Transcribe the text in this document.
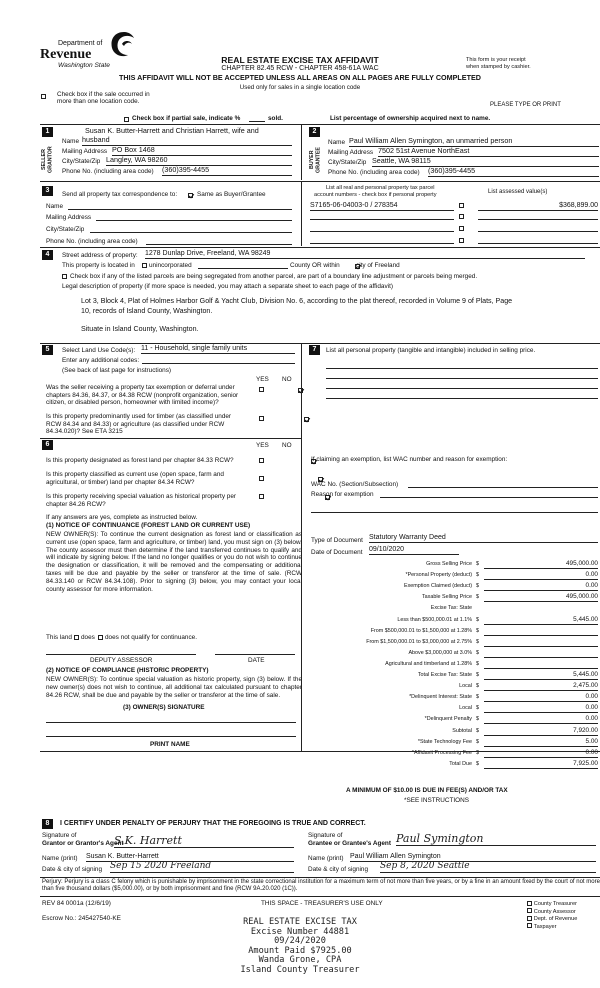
Department of
Revenue
Washington State
REAL ESTATE EXCISE TAX AFFIDAVIT
CHAPTER 82.45 RCW - CHAPTER 458-61A WAC
THIS AFFIDAVIT WILL NOT BE ACCEPTED UNLESS ALL AREAS ON ALL PAGES ARE FULLY COMPLETED
Used only for sales in a single location code
This form is your receipt
when stamped by cashier.
Check box if the sale occurred in
more than one location code.	PLEASE TYPE OR PRINT
Check box if partial sale, indicate %	sold.	List percentage of ownership acquired next to name.
1
SELLER GRANTOR
Susan K. Butter-Harrett and Christian Harrett, wife and
Name husband
Mailing Address PO Box 1468
City/State/Zip Langley, WA 98260
Phone No. (including area code) (360)395-4455
2
BUYER GRANTEE
Name Paul William Allen Symington, an unmarried person
Mailing Address 7502 51st Avenue NorthEast
City/State/Zip Seattle, WA 98115
Phone No. (including area code) (360)395-4455
3
Send all property tax correspondence to:
	Same as Buyer/Grantee
Name
Mailing Address
City/State/Zip
Phone No. (including area code)
List all real and personal property tax parcel
account numbers - check box if personal property	List assessed value(s)
S7165-06-04003-0 / 278354	$368,899.00
4	Street address of property: 1278 Dunlap Drive, Freeland, WA 98249
This property is located in unincorporated	County OR within
	city of Freeland
Check box if any of the listed parcels are being segregated from another parcel, are part of a boundary line adjustment or parcels being merged.
Legal description of property (if more space is needed, you may attach a separate sheet to each page of the affidavit)
Lot 3, Block 4, Plat of Holmes Harbor Golf & Yacht Club, Division No. 6, according to the plat thereof, recorded in Volume 9 of Plats, Page
10, records of Island County, Washington.
Situate in Island County, Washington.
5	Select Land Use Code(s): 11 - Household, single family units
Enter any additional codes:
(See back of last page for instructions)
YES NO
Was the seller receiving a property tax exemption or deferral under chapters 84.36, 84.37, or 84.38 RCW (nonprofit organization, senior citizen, or disabled person, homeowner with limited income)?

Is this property predominantly used for timber (as classified under RCW 84.34 and 84.33) or agriculture (as classified under RCW 84.34.020)? See ETA 3215

6	YES NO
Is this property designated as forest land per chapter 84.33 RCW?

Is this property classified as current use (open space, farm and agricultural, or timber) land per chapter 84.34 RCW?

Is this property receiving special valuation as historical property per chapter 84.26 RCW?
If any answers are yes, complete as instructed below.
(1) NOTICE OF CONTINUANCE (FOREST LAND OR CURRENT USE)
NEW OWNER(S): To continue the current designation as forest land or classification as current use (open space, farm and agriculture, or timber) land, you must sign on (3) below. The county assessor must then determine if the land transferred continues to qualify and will indicate by signing below. If the land no longer qualifies or you do not wish to continue the designation or classification, it will be removed and the compensating or additional taxes will be due and payable by the seller or transferor at the time of sale. (RCW 84.33.140 or RCW 84.34.108). Prior to signing (3) below, you may contact your local county assessor for more information.
This land does does not qualify for continuance.
DEPUTY ASSESSOR	DATE
(2) NOTICE OF COMPLIANCE (HISTORIC PROPERTY)
NEW OWNER(S): To continue special valuation as historic property, sign (3) below. If the new owner(s) does not wish to continue, all additional tax calculated pursuant to chapter 84.26 RCW, shall be due and payable by the seller or transferor at the time of sale.
(3) OWNER(S) SIGNATURE
PRINT NAME
7	List all personal property (tangible and intangible) included in selling price.
If claiming an exemption, list WAC number and reason for exemption:
WAC No. (Section/Subsection)
Reason for exemption
Type of Document Statutory Warranty Deed
Date of Document 09/10/2020
Gross Selling Price $	495,000.00
*Personal Property (deduct) $	0.00
Exemption Claimed (deduct) $	0.00
Taxable Selling Price $	495,000.00
Excise Tax: State
Less than $500,000.01 at 1.1% $	5,445.00
From $500,000.01 to $1,500,000 at 1.28% $
From $1,500,000.01 to $3,000,000 at 2.75% $
Above $3,000,000 at 3.0% $
Agricultural and timberland at 1.28% $
Total Excise Tax: State $	5,445.00
Local $	2,475.00
*Delinquent Interest: State $	0.00
Local $	0.00
*Delinquent Penalty $	0.00
Subtotal $	7,920.00
*State Technology Fee $	5.00
*Affidavit Processing Fee $	0.00
Total Due $	7,925.00
A MINIMUM OF $10.00 IS DUE IN FEE(S) AND/OR TAX
*SEE INSTRUCTIONS
8	I CERTIFY UNDER PENALTY OF PERJURY THAT THE FOREGOING IS TRUE AND CORRECT.
Signature of
Grantor or Grantor's Agent
S.K. Harrett
Name (print) Susan K. Butter-Harrett
Date & city of signing Sep 15 2020 Freeland
Signature of
Grantee or Grantee's Agent Paul Symington
Name (print) Paul William Allen Symington
Date & city of signing Sep 8, 2020 Seattle
Perjury: Perjury is a class C felony which is punishable by imprisonment in the state correctional institution for a maximum term of not more than five years, or by a fine in an amount fixed by the court of not more than five thousand dollars ($5,000.00), or by both imprisonment and fine (RCW 9A.20.020 (1C)).
REV 84 0001a (12/6/19)	THIS SPACE - TREASURER'S USE ONLY
Escrow No.: 245427540-KE
County Treasurer
County Assessor
Dept. of Revenue
Taxpayer
REAL ESTATE EXCISE TAX
Excise Number 44881
09/24/2020
Amount Paid $7925.00
Wanda Grone, CPA
Island County Treasurer
